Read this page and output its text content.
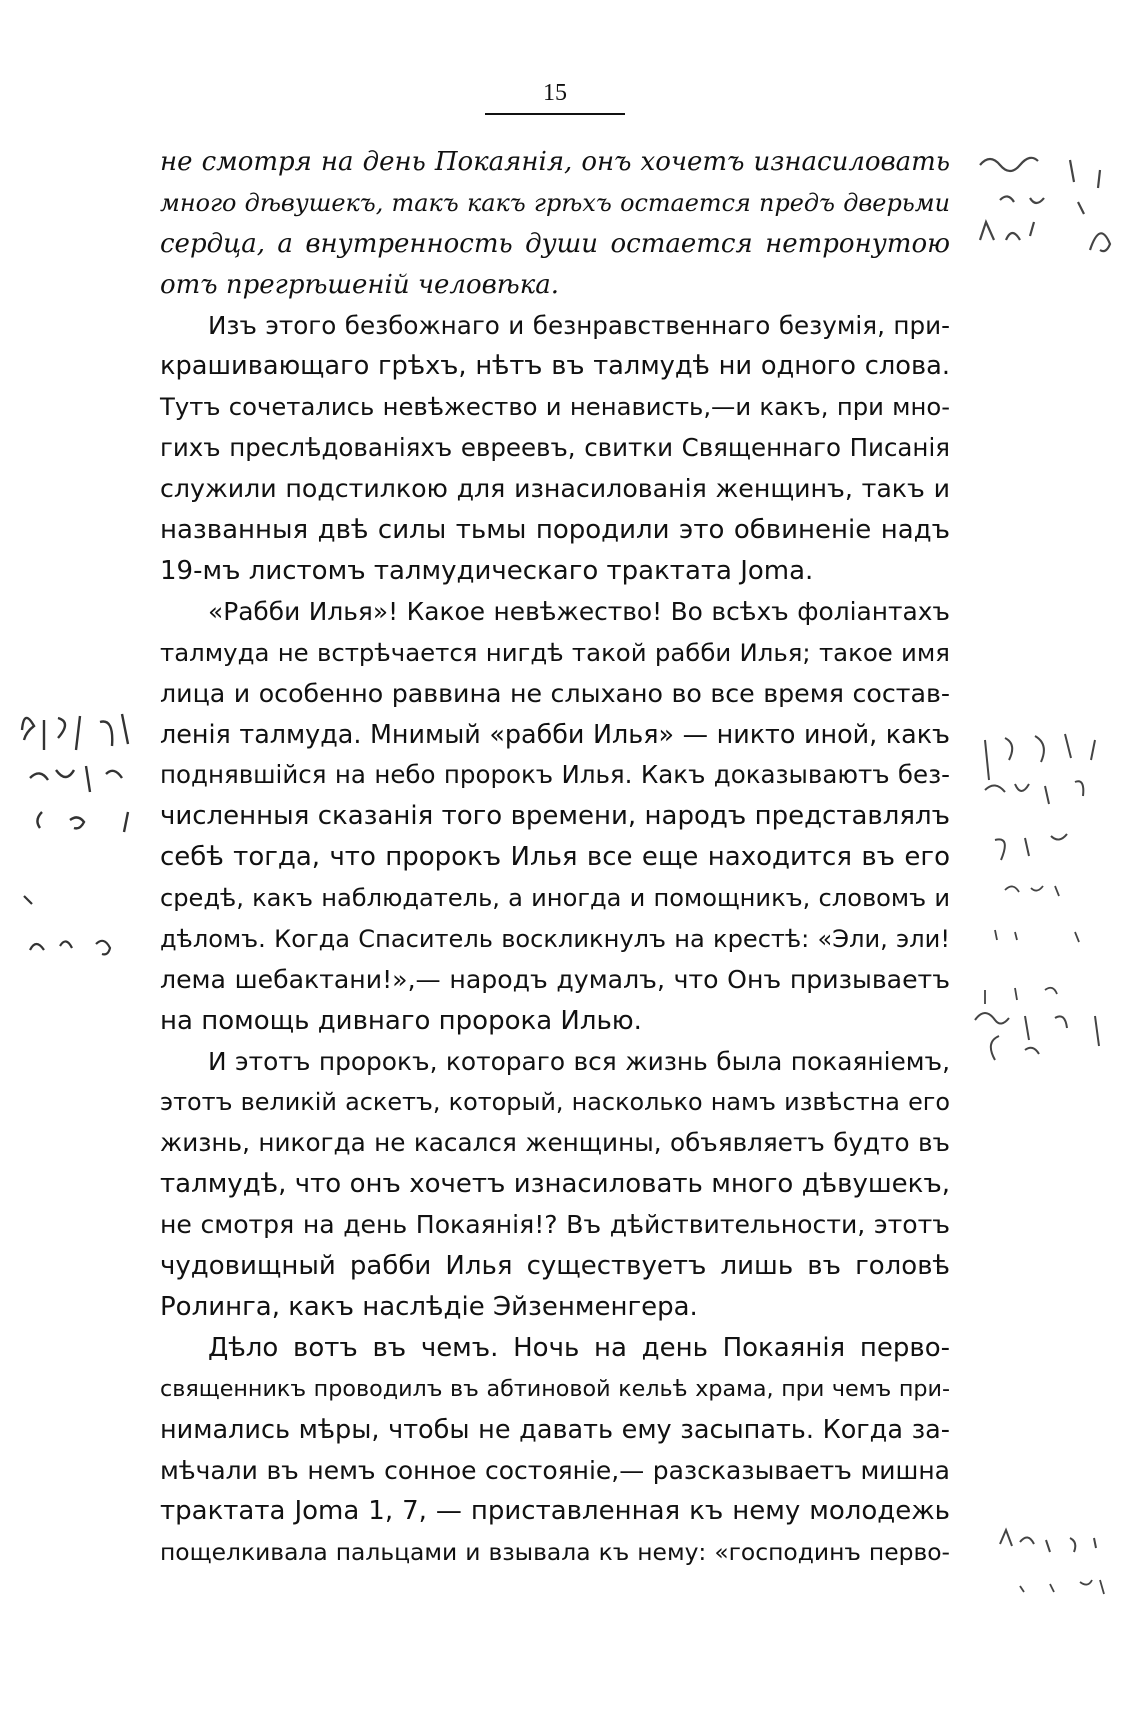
15
не смотря на день Покаянія, онъ хочетъ изнасиловать
много дѣвушекъ, такъ какъ грѣхъ остается предъ дверьми
сердца, а внутренность души остается нетронутою
отъ прегрѣшеній человѣка.
Изъ этого безбожнаго и безнравственнаго безумія, при-
крашивающаго грѣхъ, нѣтъ въ талмудѣ ни одного слова.
Тутъ сочетались невѣжество и ненависть,—и какъ, при мно-
гихъ преслѣдованіяхъ евреевъ, свитки Священнаго Писанія
служили подстилкою для изнасилованія женщинъ, такъ и
названныя двѣ силы тьмы породили это обвиненіе надъ
19-мъ листомъ талмудическаго трактата Joma.
«Рабби Илья»! Какое невѣжество! Во всѣхъ фоліантахъ
талмуда не встрѣчается нигдѣ такой рабби Илья; такое имя
лица и особенно раввина не слыхано во все время состав-
ленія талмуда. Мнимый «рабби Илья» — никто иной, какъ
поднявшійся на небо пророкъ Илья. Какъ доказываютъ без-
численныя сказанія того времени, народъ представлялъ
себѣ тогда, что пророкъ Илья все еще находится въ его
средѣ, какъ наблюдатель, а иногда и помощникъ, словомъ и
дѣломъ. Когда Спаситель воскликнулъ на крестѣ: «Эли, эли!
лема шебактани!»,— народъ думалъ, что Онъ призываетъ
на помощь дивнаго пророка Илью.
И этотъ пророкъ, котораго вся жизнь была покаяніемъ,
этотъ великій аскетъ, который, насколько намъ извѣстна его
жизнь, никогда не касался женщины, объявляетъ будто въ
талмудѣ, что онъ хочетъ изнасиловать много дѣвушекъ,
не смотря на день Покаянія!? Въ дѣйствительности, этотъ
чудовищный рабби Илья существуетъ лишь въ головѣ
Ролинга, какъ наслѣдіе Эйзенменгера.
Дѣло вотъ въ чемъ. Ночь на день Покаянія перво-
священникъ проводилъ въ абтиновой кельѣ храма, при чемъ при-
нимались мѣры, чтобы не давать ему засыпать. Когда за-
мѣчали въ немъ сонное состояніе,— разсказываетъ мишна
трактата Joma 1, 7, — приставленная къ нему молодежь
пощелкивала пальцами и взывала къ нему: «господинъ перво-
